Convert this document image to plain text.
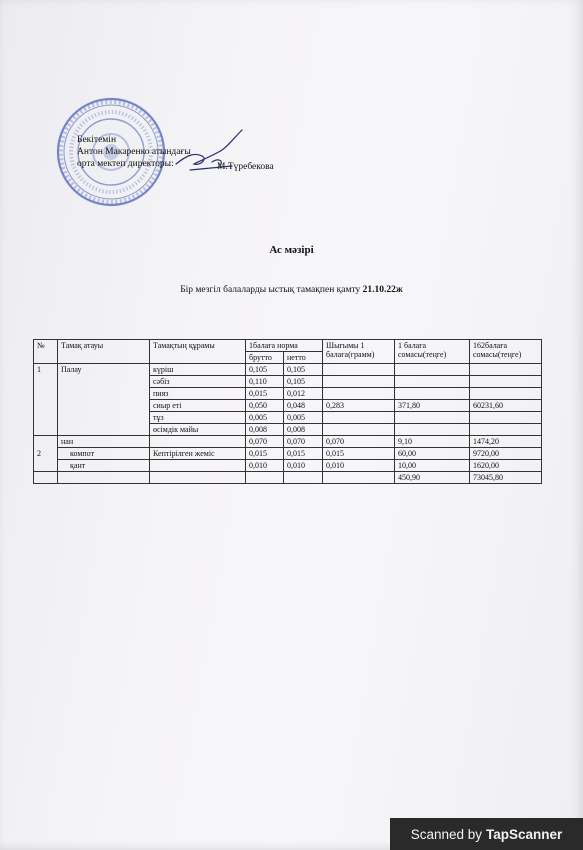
Бекітемін
Антон Макаренко атындағы
орта мектеп директоры:	М.Түребекова
Ас мәзірі
Бір мезгіл балаларды ыстық тамақпен қамту 21.10.22ж
№	Тамақ атауы	Тамақтың құрамы	1балаға норма		Шығымы 1 балаға(грамм)	1 балаға сомасы(теңге)	162балаға сомасы(теңге)
			брутто	нетто			
1	Палау	күріш	0,105	0,105			
		сәбіз	0,110	0,105			
		пияз	0,015	0,012			
		сиыр еті	0,050	0,048	0,283	371,80	60231,60
		тұз	0,005	0,005			
		өсімдік майы	0,008	0,008			
2	нан		0,070	0,070	0,070	9,10	1474,20
	компот	Кептірілген жеміс	0,015	0,015	0,015	60,00	9720,00
	қант		0,010	0,010	0,010	10,00	1620,00
						450,90	73045,80
Scanned by TapScanner
